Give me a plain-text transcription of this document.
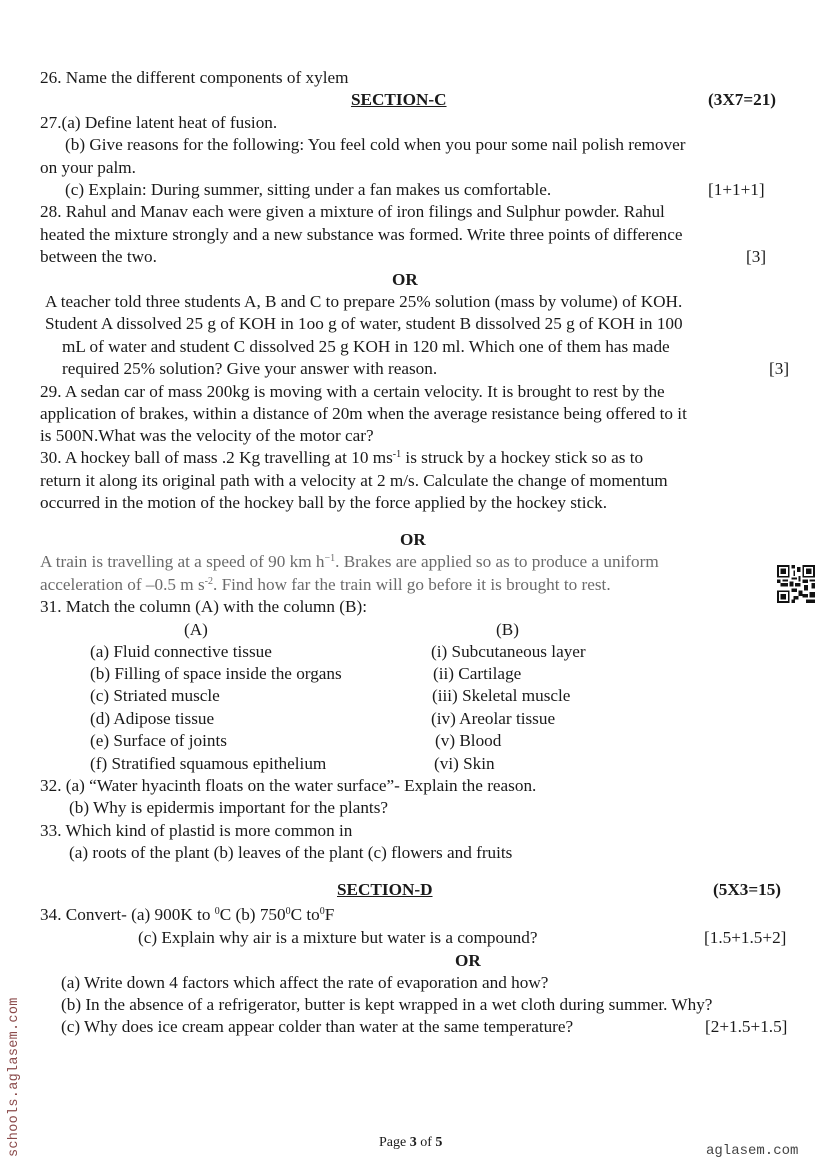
26. Name the different components of xylem
SECTION-C	(3X7=21)
27.(a) Define latent heat of fusion.
(b) Give reasons for the following: You feel cold when you pour some nail polish remover
on your palm.
(c) Explain: During summer, sitting under a fan makes us comfortable.	[1+1+1]
28. Rahul and Manav each were given a mixture of iron filings and Sulphur powder. Rahul
heated the mixture strongly and a new substance was formed. Write three points of difference
between the two.	[3]
OR
A teacher told three students A, B and C to prepare 25% solution (mass by volume) of KOH.
Student A dissolved 25 g of KOH in 1oo g of water, student B dissolved 25 g of KOH in 100
mL of water and student C dissolved 25 g KOH in 120 ml. Which one of them has made
required 25% solution? Give your answer with reason.	[3]
29. A sedan car of mass 200kg is moving with a certain velocity. It is brought to rest by the
application of brakes, within a distance of 20m when the average resistance being offered to it
is 500N.What was the velocity of the motor car?
30. A hockey ball of mass .2 Kg travelling at 10 $ms^{-1}$ is struck by a hockey stick so as to
return it along its original path with a velocity at 2 m/s. Calculate the change of momentum
occurred in the motion of the hockey ball by the force applied by the hockey stick.
OR
A train is travelling at a speed of 90 km $h^{-1}$. Brakes are applied so as to produce a uniform
acceleration of –0.5 m $s^{-2}$. Find how far the train will go before it is brought to rest.
31. Match the column (A) with the column (B):
(A)	(B)
(a) Fluid connective tissue	(i) Subcutaneous layer
(b) Filling of space inside the organs	(ii) Cartilage
(c) Striated muscle	(iii) Skeletal muscle
(d) Adipose tissue	(iv) Areolar tissue
(e) Surface of joints	(v) Blood
(f) Stratified squamous epithelium	(vi) Skin
32. (a) “Water hyacinth floats on the water surface”- Explain the reason.
(b) Why is epidermis important for the plants?
33. Which kind of plastid is more common in
(a) roots of the plant (b) leaves of the plant (c) flowers and fruits
SECTION-D	(5X3=15)
34. Convert- (a) 900K to $^0$C (b) $750^0C$ $to^0F$
(c) Explain why air is a mixture but water is a compound?	[1.5+1.5+2]
OR
(a) Write down 4 factors which affect the rate of evaporation and how?
(b) In the absence of a refrigerator, butter is kept wrapped in a wet cloth during summer. Why?
(c) Why does ice cream appear colder than water at the same temperature?	[2+1.5+1.5]
Page 3 of 5
schools.aglasem.com	aglasem.com
